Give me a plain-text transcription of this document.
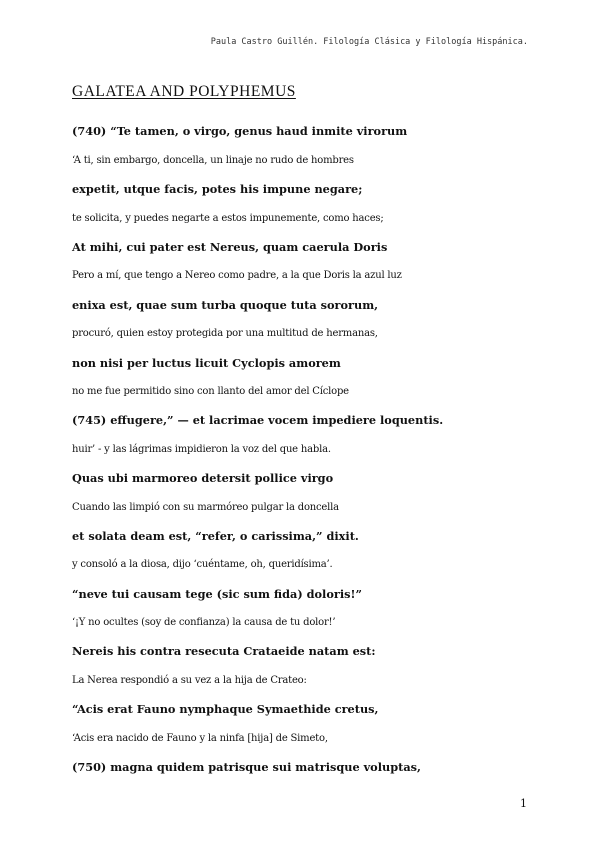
Paula Castro Guillén. Filología Clásica y Filología Hispánica.
GALATEA AND POLYPHEMUS
(740) “Te tamen, o virgo, genus haud inmite virorum
‘A ti, sin embargo, doncella, un linaje no rudo de hombres
expetit, utque facis, potes his impune negare;
te solicita, y puedes negarte a estos impunemente, como haces;
At mihi, cui pater est Nereus, quam caerula Doris
Pero a mí, que tengo a Nereo como padre, a la que Doris la azul luz
enixa est, quae sum turba quoque tuta sororum,
procuró, quien estoy protegida por una multitud de hermanas,
non nisi per luctus licuit Cyclopis amorem
no me fue permitido sino con llanto del amor del Cíclope
(745) effugere,” — et lacrimae vocem impediere loquentis.
huir’ - y las lágrimas impidieron la voz del que habla.
Quas ubi marmoreo detersit pollice virgo
Cuando las limpió con su marmóreo pulgar la doncella
et solata deam est, “refer, o carissima,” dixit.
y consoló a la diosa, dijo ‘cuéntame, oh, queridísima’.
“neve tui causam tege (sic sum fida) doloris!”
‘¡Y no ocultes (soy de confianza) la causa de tu dolor!’
Nereis his contra resecuta Crataeide natam est:
La Nerea respondió a su vez a la hija de Crateo:
“Acis erat Fauno nymphaque Symaethide cretus,
‘Acis era nacido de Fauno y la ninfa [hija] de Simeto,
(750) magna quidem patrisque sui matrisque voluptas,
1
